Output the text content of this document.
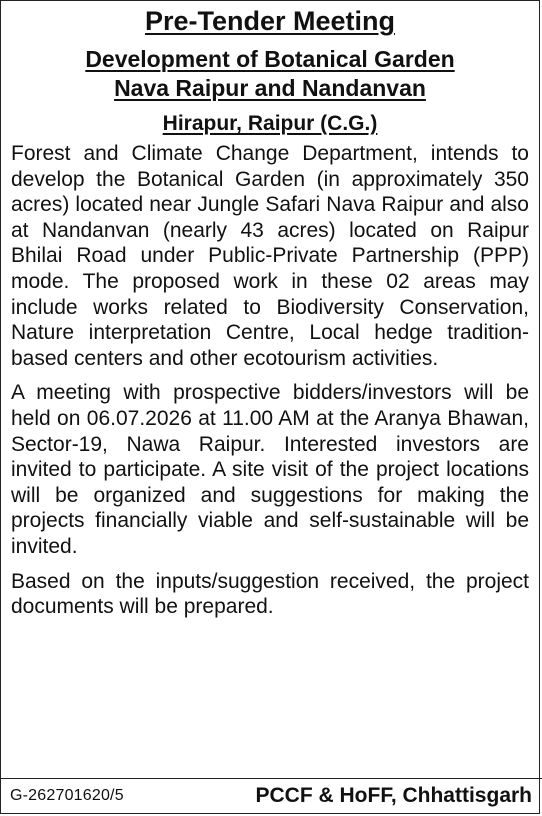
Pre-Tender Meeting
Development of Botanical Garden
Nava Raipur and Nandanvan
Hirapur, Raipur (C.G.)

Forest and Climate Change Department, intends to develop the Botanical Garden (in approximately 350 acres) located near Jungle Safari Nava Raipur and also at Nandanvan (nearly 43 acres) located on Raipur Bhilai Road under Public-Private Partnership (PPP) mode. The proposed work in these 02 areas may include works related to Biodiversity Conservation, Nature interpretation Centre, Local hedge tradition-based centers and other ecotourism activities.

A meeting with prospective bidders/investors will be held on 06.07.2026 at 11.00 AM at the Aranya Bhawan, Sector-19, Nawa Raipur. Interested investors are invited to participate. A site visit of the project locations will be organized and suggestions for making the projects financially viable and self-sustainable will be invited.

Based on the inputs/suggestion received, the project documents will be prepared.

G-262701620/5	PCCF & HoFF, Chhattisgarh
